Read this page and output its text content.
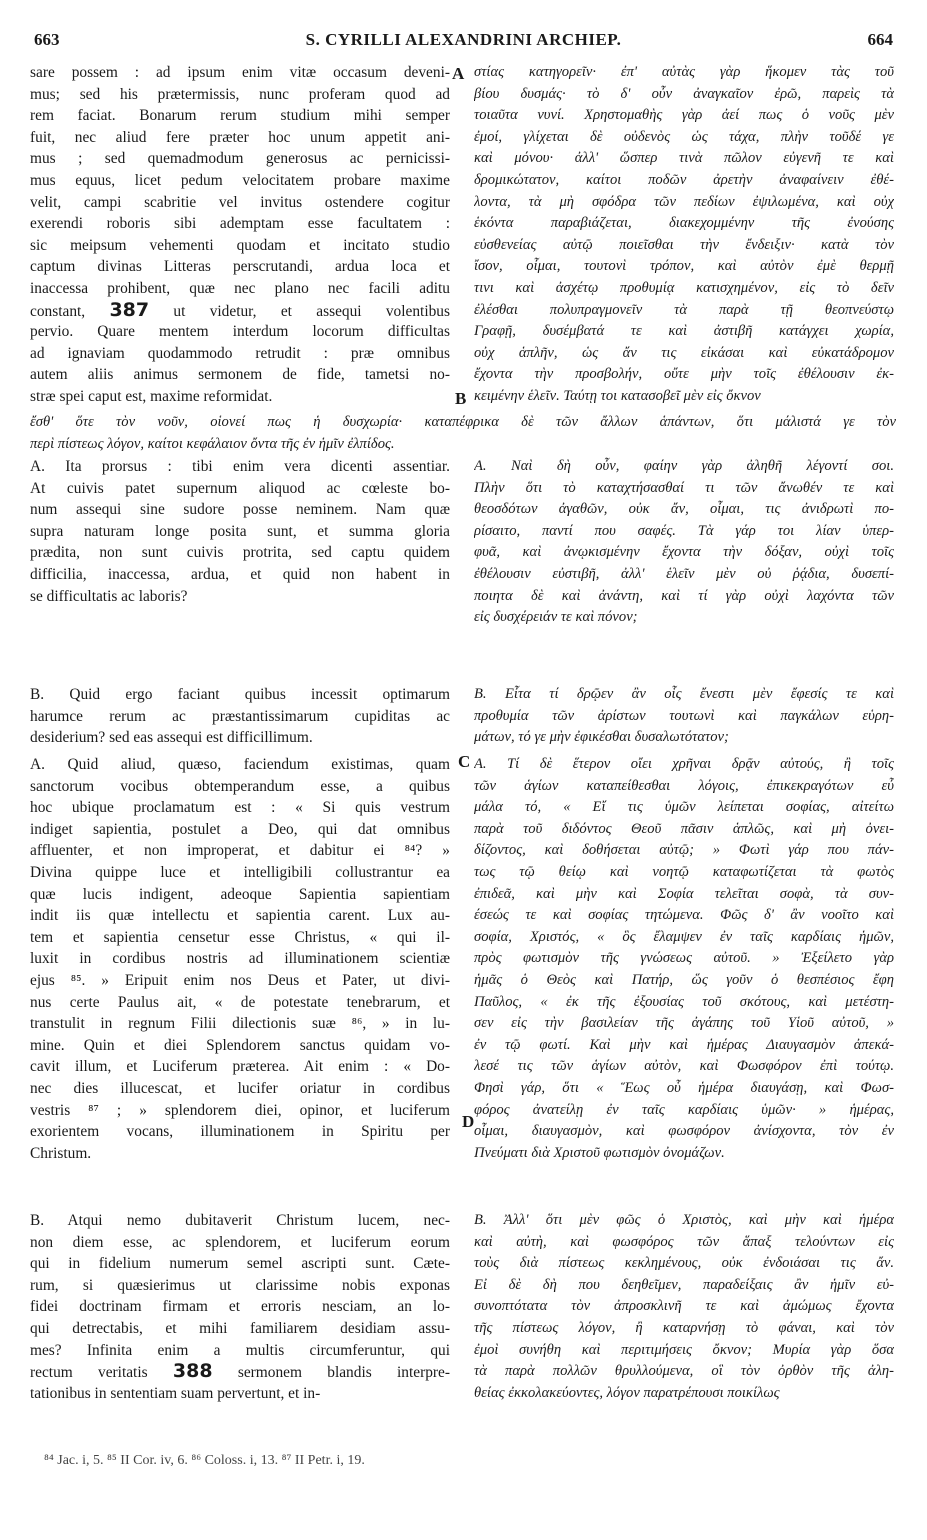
663	S. CYRILLI ALEXANDRINI ARCHIEP.	664
sare possem : ad ipsum enim vitæ occasum deveni-
mus; sed his prætermissis, nunc proferam quod ad
rem faciat. Bonarum rerum studium mihi semper
fuit, nec aliud fere præter hoc unum appetit ani-
mus ; sed quemadmodum generosus ac pernicissi-
mus equus, licet pedum velocitatem probare maxime
velit, campi scabritie vel invitus ostendere cogitur
exerendi roboris sibi ademptam esse facultatem :
sic meipsum vehementi quodam et incitato studio
captum divinas Litteras perscrutandi, ardua loca et
inaccessa prohibent, quæ nec plano nec facili aditu
constant, 387 ut videtur, et assequi volentibus
pervio. Quare mentem interdum locorum difficultas
ad ignaviam quodammodo retrudit : præ omnibus
autem aliis animus sermonem de fide, tametsi no-
stræ spei caput est, maxime reformidat.
στίας κατηγορεῖν· ἐπ' αὐτὰς γὰρ ἥκομεν τὰς τοῦ
βίου δυσμάς· τὸ δ' οὖν ἀναγκαῖον ἐρῶ, παρεὶς τὰ
τοιαῦτα νυνί. Χρηστομαθὴς γὰρ ἀεί πως ὁ νοῦς μὲν
ἐμοί, γλίχεται δὲ οὐδενὸς ὡς τάχα, πλὴν τοῦδέ γε
καὶ μόνου· ἀλλ' ὥσπερ τινὰ πῶλον εὐγενῆ τε καὶ
δρομικώτατον, καίτοι ποδῶν ἀρετὴν ἀναφαίνειν ἐθέ-
λοντα, τὰ μὴ σφόδρα τῶν πεδίων ἐψιλωμένα, καὶ οὐχ
ἑκόντα παραβιάζεται, διακεχομμένην τῆς ἐνούσης
εὐσθενείας αὐτῷ ποιεῖσθαι τὴν ἔνδειξιν· κατὰ τὸν
ἴσον, οἶμαι, τουτονὶ τρόπον, καὶ αὐτὸν ἐμὲ θερμῇ
τινι καὶ ἀσχέτῳ προθυμίᾳ κατισχημένον, εἰς τὸ δεῖν
ἐλέσθαι πολυπραγμονεῖν τὰ παρὰ τῇ θεοπνεύστῳ
Γραφῇ, δυσέμβατά τε καὶ ἀστιβῆ κατάγχει χωρία,
οὐχ ἁπλῆν, ὡς ἄν τις εἰκάσαι καὶ εὐκατάδρομον
ἔχοντα τὴν προσβολήν, οὔτε μὴν τοῖς ἐθέλουσιν ἐκ-
κειμένην ἑλεῖν. Ταύτῃ τοι κατασοβεῖ μὲν εἰς ὄκνον
A
B
ἔσθ' ὅτε τὸν νοῦν, οἱονεί πως ἡ δυσχωρία· καταπέφρικα δὲ τῶν ἄλλων ἁπάντων, ὅτι μάλιστά γε τὸν
περὶ πίστεως λόγον, καίτοι κεφάλαιον ὄντα τῆς ἐν ἡμῖν ἐλπίδος.
A. Ita prorsus : tibi enim vera dicenti assentiar.
At cuivis patet supernum aliquod ac cœleste bo-
num assequi sine sudore posse neminem. Nam quæ
supra naturam longe posita sunt, et summa gloria
prædita, non sunt cuivis protrita, sed captu quidem
difficilia, inaccessa, ardua, et quid non habent in
se difficultatis ac laboris?
Α. Ναὶ δὴ οὖν, φαίην γὰρ ἀληθῆ λέγοντί σοι.
Πλὴν ὅτι τὸ καταχτήσασθαί τι τῶν ἄνωθέν τε καὶ
θεοσδότων ἀγαθῶν, οὐκ ἄν, οἶμαι, τις ἀνιδρωτὶ πο-
ρίσαιτο, παντί που σαφές. Τὰ γάρ τοι λίαν ὑπερ-
φυᾶ, καὶ ἀνῳκισμένην ἔχοντα τὴν δόξαν, οὐχὶ τοῖς
ἐθέλουσιν εὐστιβῆ, ἀλλ' ἑλεῖν μὲν οὐ ῥᾴδια, δυσεπί-
ποιητα δὲ καὶ ἀνάντη, καὶ τί γὰρ οὐχὶ λαχόντα τῶν
εἰς δυσχέρειάν τε καὶ πόνον;
B. Quid ergo faciant quibus incessit optimarum
harumce rerum ac præstantissimarum cupiditas ac
desiderium? sed eas assequi est difficillimum.
Β. Εἶτα τί δρῷεν ἂν οἷς ἔνεστι μὲν ἔφεσίς τε καὶ
προθυμία τῶν ἀρίστων τουτωνὶ καὶ παγκάλων εὑρη-
μάτων, τό γε μὴν ἐφικέσθαι δυσαλωτότατον;
C
A. Quid aliud, quæso, faciendum existimas, quam
sanctorum vocibus obtemperandum esse, a quibus
hoc ubique proclamatum est : « Si quis vestrum
indiget sapientia, postulet a Deo, qui dat omnibus
affluenter, et non improperat, et dabitur ei ⁸⁴? »
Divina quippe luce et intelligibili collustrantur ea
quæ lucis indigent, adeoque Sapientia sapientiam
indit iis quæ intellectu et sapientia carent. Lux au-
tem et sapientia censetur esse Christus, « qui il-
luxit in cordibus nostris ad illuminationem scientiæ
ejus ⁸⁵. » Eripuit enim nos Deus et Pater, ut divi-
nus certe Paulus ait, « de potestate tenebrarum, et
transtulit in regnum Filii dilectionis suæ ⁸⁶, » in lu-
mine. Quin et diei Splendorem sanctus quidam vo-
cavit illum, et Luciferum præterea. Ait enim : « Do-
nec dies illucescat, et lucifer oriatur in cordibus
vestris ⁸⁷ ; » splendorem diei, opinor, et luciferum
exorientem vocans, illuminationem in Spiritu per
Christum.
Α. Τί δὲ ἕτερον οἴει χρῆναι δρᾷν αὐτούς, ἢ τοῖς
τῶν ἁγίων καταπείθεσθαι λόγοις, ἐπικεκραγότων εὖ
μάλα τό, « Εἴ τις ὑμῶν λείπεται σοφίας, αἰτείτω
παρὰ τοῦ διδόντος Θεοῦ πᾶσιν ἁπλῶς, καὶ μὴ ὀνει-
δίζοντος, καὶ δοθήσεται αὐτῷ; » Φωτὶ γάρ που πάν-
τως τῷ θείῳ καὶ νοητῷ καταφωτίζεται τὰ φωτὸς
ἐπιδεᾶ, καὶ μὴν καὶ Σοφία τελεῖται σοφὰ, τὰ συν-
έσεώς τε καὶ σοφίας τητώμενα. Φῶς δ' ἂν νοοῖτο καὶ
σοφία, Χριστός, « ὃς ἔλαμψεν ἐν ταῖς καρδίαις ἡμῶν,
πρὸς φωτισμὸν τῆς γνώσεως αὐτοῦ. » Ἐξείλετο γὰρ
ἡμᾶς ὁ Θεὸς καὶ Πατήρ, ὥς γοῦν ὁ θεσπέσιος ἔφη
Παῦλος, « ἐκ τῆς ἐξουσίας τοῦ σκότους, καὶ μετέστη-
σεν εἰς τὴν βασιλείαν τῆς ἀγάπης τοῦ Υἱοῦ αὐτοῦ, »
ἐν τῷ φωτί. Καὶ μὴν καὶ ἡμέρας Διαυγασμὸν ἀπεκά-
λεσέ τις τῶν ἁγίων αὐτὸν, καὶ Φωσφόρον ἐπὶ τούτῳ.
Φησὶ γάρ, ὅτι « Ἕως οὗ ἡμέρα διαυγάσῃ, καὶ Φωσ-
φόρος ἀνατείλῃ ἐν ταῖς καρδίαις ὑμῶν· » ἡμέρας,
οἶμαι, διαυγασμὸν, καὶ φωσφόρον ἀνίσχοντα, τὸν ἐν
Πνεύματι διὰ Χριστοῦ φωτισμὸν ὀνομάζων.
D
B. Atqui nemo dubitaverit Christum lucem, nec-
non diem esse, ac splendorem, et luciferum eorum
qui in fidelium numerum semel ascripti sunt. Cæte-
rum, si quæsierimus ut clarissime nobis exponas
fidei doctrinam firmam et erroris nesciam, an lo-
qui detrectabis, et mihi familiarem desidiam assu-
mes? Infinita enim a multis circumferuntur, qui
rectum veritatis 388 sermonem blandis interpre-
tationibus in sententiam suam pervertunt, et in-
Β. Ἀλλ' ὅτι μὲν φῶς ὁ Χριστὸς, καὶ μὴν καὶ ἡμέρα
καὶ αὐτὴ, καὶ φωσφόρος τῶν ἅπαξ τελούντων εἰς
τοὺς διὰ πίστεως κεκλημένους, οὐκ ἐνδοιάσαι τις ἄν.
Εἰ δὲ δὴ που δεηθεῖμεν, παραδείξαις ἂν ἡμῖν εὐ-
συνοπτότατα τὸν ἀπροσκλινῆ τε καὶ ἀμώμως ἔχοντα
τῆς πίστεως λόγον, ἢ καταρνήσῃ τὸ φάναι, καὶ τὸν
ἐμοὶ συνήθη καὶ περιτιμήσεις ὄκνον; Μυρία γὰρ ὅσα
τὰ παρὰ πολλῶν θρυλλούμενα, οἳ τὸν ὀρθὸν τῆς ἀλη-
θείας ἐκκολακεύοντες, λόγον παρατρέπουσι ποικίλως
⁸⁴ Jac. i, 5. ⁸⁵ II Cor. iv, 6. ⁸⁶ Coloss. i, 13. ⁸⁷ II Petr. i, 19.
